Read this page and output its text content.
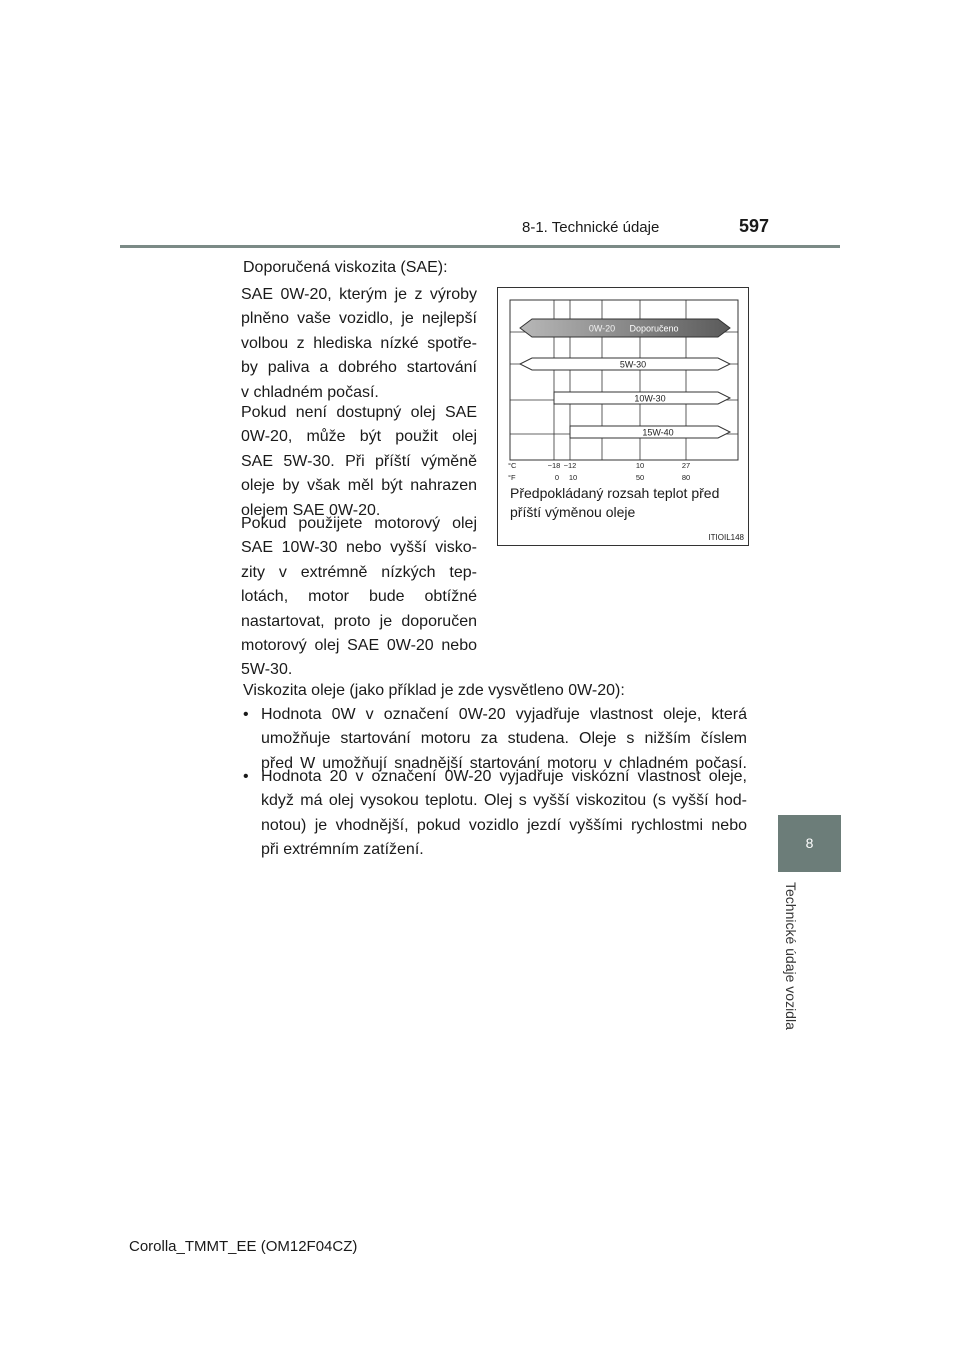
8-1. Technické údaje	597
8
Technické údaje vozidla
Doporučená viskozita (SAE):
SAE 0W-20, kterým je z výroby
plněno vaše vozidlo, je nejlepší
volbou z hlediska nízké spotře-
by paliva a dobrého startování
v chladném počasí.
Pokud není dostupný olej SAE
0W-20, může být použit olej
SAE 5W-30. Při příští výměně
oleje by však měl být nahrazen
olejem SAE 0W-20.
Pokud použijete motorový olej
SAE 10W-30 nebo vyšší visko-
zity v extrémně nízkých tep-
lotách, motor bude obtížné
nastartovat, proto je doporučen
motorový olej SAE 0W-20 nebo
5W-30.
0W-20 Doporučeno
5W-30
10W-30
15W-40
°C
°F
−18 −12	10	27
0 10	50	80
Předpokládaný rozsah teplot před
příští výměnou oleje
ITIOIL148
Viskozita oleje (jako příklad je zde vysvětleno 0W-20):
• Hodnota 0W v označení 0W-20 vyjadřuje vlastnost oleje, která
umožňuje startování motoru za studena. Oleje s nižším číslem
před W umožňují snadnější startování motoru v chladném počasí.
• Hodnota 20 v označení 0W-20 vyjadřuje viskózní vlastnost oleje,
když má olej vysokou teplotu. Olej s vyšší viskozitou (s vyšší hod-
notou) je vhodnější, pokud vozidlo jezdí vyššími rychlostmi nebo
při extrémním zatížení.
Corolla_TMMT_EE (OM12F04CZ)
